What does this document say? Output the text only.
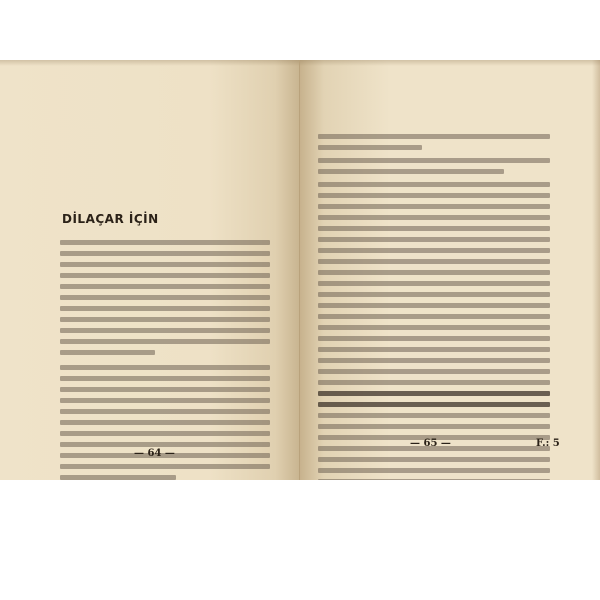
DİLAÇAR İÇİN
— 64 —
— 65 —	F.: 5
